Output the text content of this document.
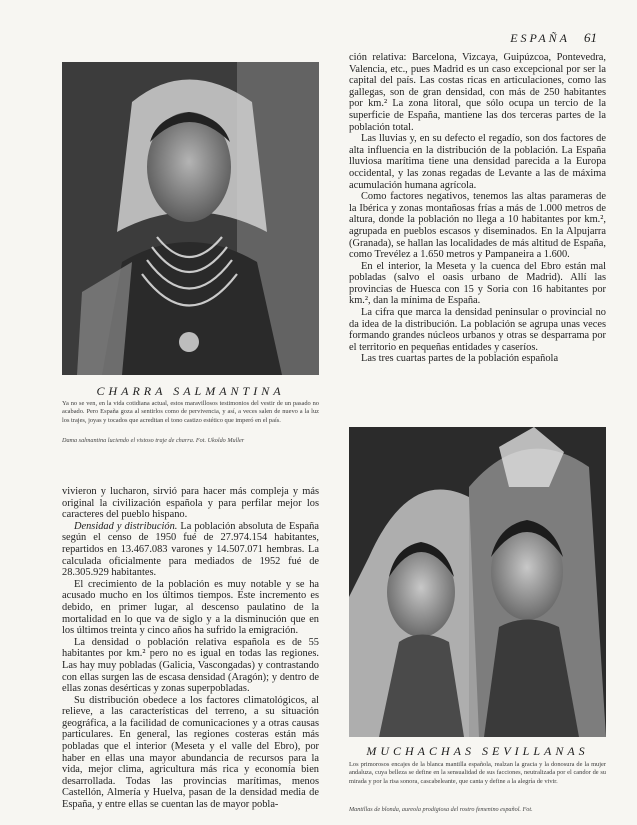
ESPAÑA 61
CHARRA SALMANTINA
Ya no se ven, en la vida cotidiana actual, estos maravillosos testimonios del vestir de un pasado no acabado. Pero España goza al sentirlos como de pervivencia, y así, a veces salen de nuevo a la luz los trajes, joyas y tocados que acreditan el tono castizo estético que imperó en el país.
Dama salmantina luciendo el vistoso traje de charra. Fot. Ukoldo Muller

vivieron y lucharon, sirvió para hacer más compleja y más original la civilización española y para perfilar mejor los caracteres del pueblo hispano.

Densidad y distribución. La población absoluta de España según el censo de 1950 fué de 27.974.154 habitantes, repartidos en 13.467.083 varones y 14.507.071 hembras. La calculada oficialmente para mediados de 1952 fué de 28.305.929 habitantes.

El crecimiento de la población es muy notable y se ha acusado mucho en los últimos tiempos. Este incremento es debido, en primer lugar, al descenso paulatino de la mortalidad en lo que va de siglo y a la disminución que en los últimos treinta y cinco años ha sufrido la emigración.

La densidad o población relativa española es de 55 habitantes por km.² pero no es igual en todas las regiones. Las hay muy pobladas (Galicia, Vascongadas) y contrastando con ellas surgen las de escasa densidad (Aragón); y dentro de ellas zonas desérticas y zonas superpobladas.

Su distribución obedece a los factores climatológicos, al relieve, a las características del terreno, a su situación geográfica, a la facilidad de comunicaciones y a otras causas particulares. En general, las regiones costeras están más pobladas que el interior (Meseta y el valle del Ebro), por haber en ellas una mayor abundancia de recursos para la vida, mejor clima, agricultura más rica y economía bien desarrollada. Todas las provincias marítimas, menos Castellón, Almería y Huelva, pasan de la densidad media de España, y entre ellas se cuentan las de mayor pobla-

ción relativa: Barcelona, Vizcaya, Guipúzcoa, Pontevedra, Valencia, etc., pues Madrid es un caso excepcional por ser la capital del país. Las costas ricas en articulaciones, como las gallegas, son de gran densidad, con más de 250 habitantes por km.² La zona litoral, que sólo ocupa un tercio de la superficie de España, mantiene las dos terceras partes de la población total.

Las lluvias y, en su defecto el regadío, son dos factores de alta influencia en la distribución de la población. La España lluviosa marítima tiene una densidad parecida a la Europa occidental, y las zonas regadas de Levante a las de máxima acumulación humana agrícola.

Como factores negativos, tenemos las altas parameras de la Ibérica y zonas montañosas frías a más de 1.000 metros de altura, donde la población no llega a 10 habitantes por km.², agrupada en pueblos escasos y diseminados. En la Alpujarra (Granada), se hallan las localidades de más altitud de España, como Trevélez a 1.650 metros y Pampaneira a 1.600.

En el interior, la Meseta y la cuenca del Ebro están mal pobladas (salvo el oasis urbano de Madrid). Allí las provincias de Huesca con 15 y Soria con 16 habitantes por km.², dan la mínima de España.

La cifra que marca la densidad peninsular o provincial no da idea de la distribución. La población se agrupa unas veces formando grandes núcleos urbanos y otras se desparrama por el territorio en pequeñas entidades y caseríos.

Las tres cuartas partes de la población española

MUCHACHAS SEVILLANAS
Los primorosos encajes de la blanca mantilla española, realzan la gracia y la donosura de la mujer andaluza, cuya belleza se define en la sensualidad de sus facciones, neutralizada por el candor de su mirada y por la risa sonora, cascabeleante, que canta y define a la alegría de vivir.
Mantillas de blonda, aureola prodigiosa del rostro femenino español. Fot.
